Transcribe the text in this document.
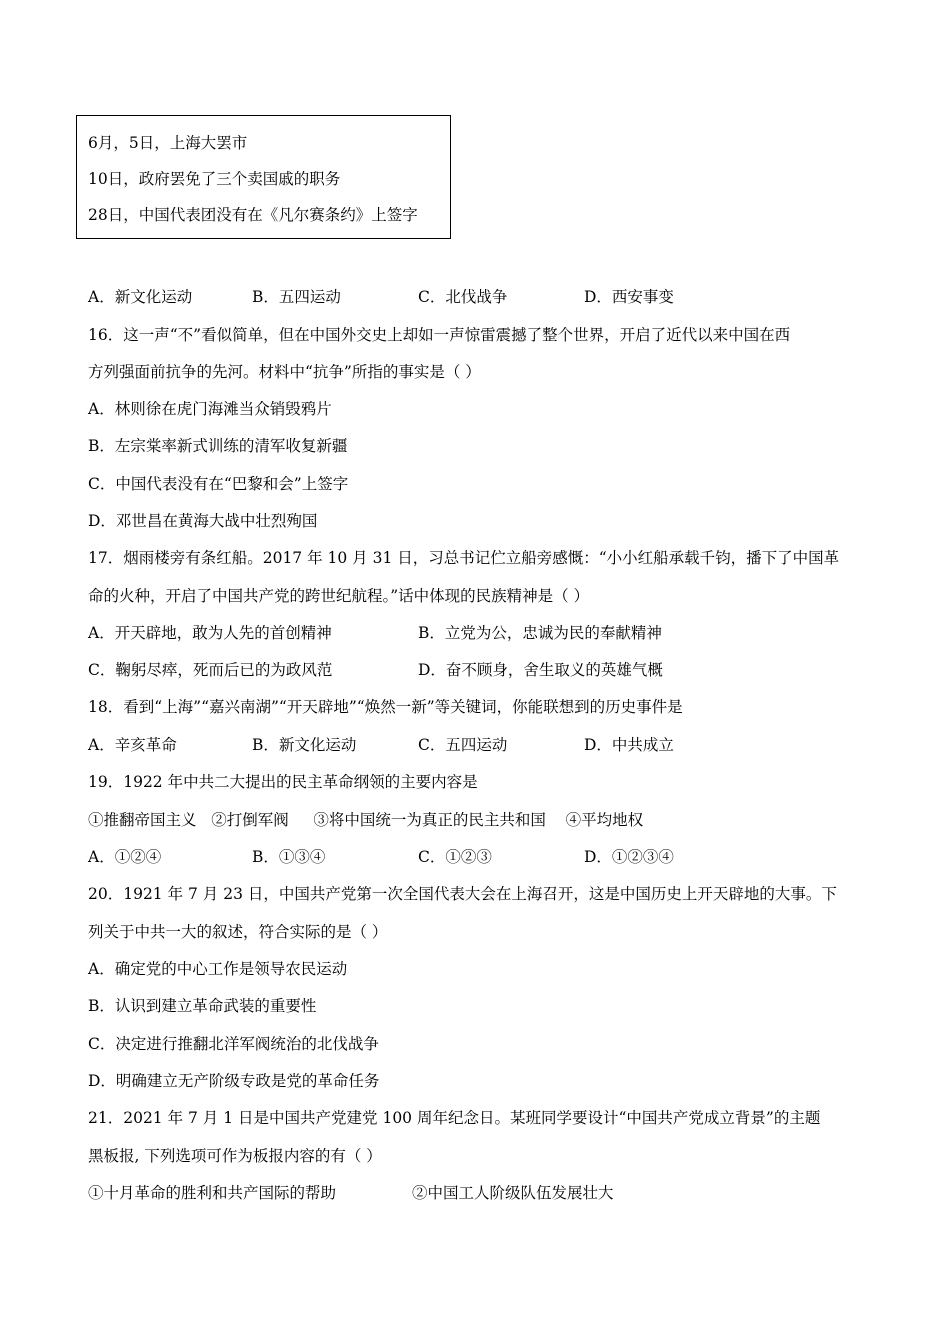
6月，5日，上海大罢市
10日，政府罢免了三个卖国戚的职务
28日，中国代表团没有在《凡尔赛条约》上签字
A．新文化运动	B．五四运动	C．北伐战争	D．西安事变
16．这一声“不”看似简单，但在中国外交史上却如一声惊雷震撼了整个世界，开启了近代以来中国在西
方列强面前抗争的先河。材料中“抗争”所指的事实是（ ）
A．林则徐在虎门海滩当众销毁鸦片
B．左宗棠率新式训练的清军收复新疆
C．中国代表没有在“巴黎和会”上签字
D．邓世昌在黄海大战中壮烈殉国
17．烟雨楼旁有条红船。2017 年 10 月 31 日，习总书记伫立船旁感慨：“小小红船承载千钧，播下了中国革
命的火种，开启了中国共产党的跨世纪航程。”话中体现的民族精神是（ ）
A．开天辟地，敢为人先的首创精神	B．立党为公，忠诚为民的奉献精神
C．鞠躬尽瘁，死而后已的为政风范	D．奋不顾身，舍生取义的英雄气概
18．看到“上海”“嘉兴南湖”“开天辟地”“焕然一新”等关键词，你能联想到的历史事件是
A．辛亥革命	B．新文化运动	C．五四运动	D．中共成立
19．1922 年中共二大提出的民主革命纲领的主要内容是
①推翻帝国主义   ②打倒军阀     ③将中国统一为真正的民主共和国    ④平均地权
A．①②④	B．①③④	C．①②③	D．①②③④
20．1921 年 7 月 23 日，中国共产党第一次全国代表大会在上海召开，这是中国历史上开天辟地的大事。下
列关于中共一大的叙述，符合实际的是（ ）
A．确定党的中心工作是领导农民运动
B．认识到建立革命武装的重要性
C．决定进行推翻北洋军阀统治的北伐战争
D．明确建立无产阶级专政是党的革命任务
21．2021 年 7 月 1 日是中国共产党建党 100 周年纪念日。某班同学要设计“中国共产党成立背景”的主题
黑板报, 下列选项可作为板报内容的有（ ）
①十月革命的胜利和共产国际的帮助	②中国工人阶级队伍发展壮大
